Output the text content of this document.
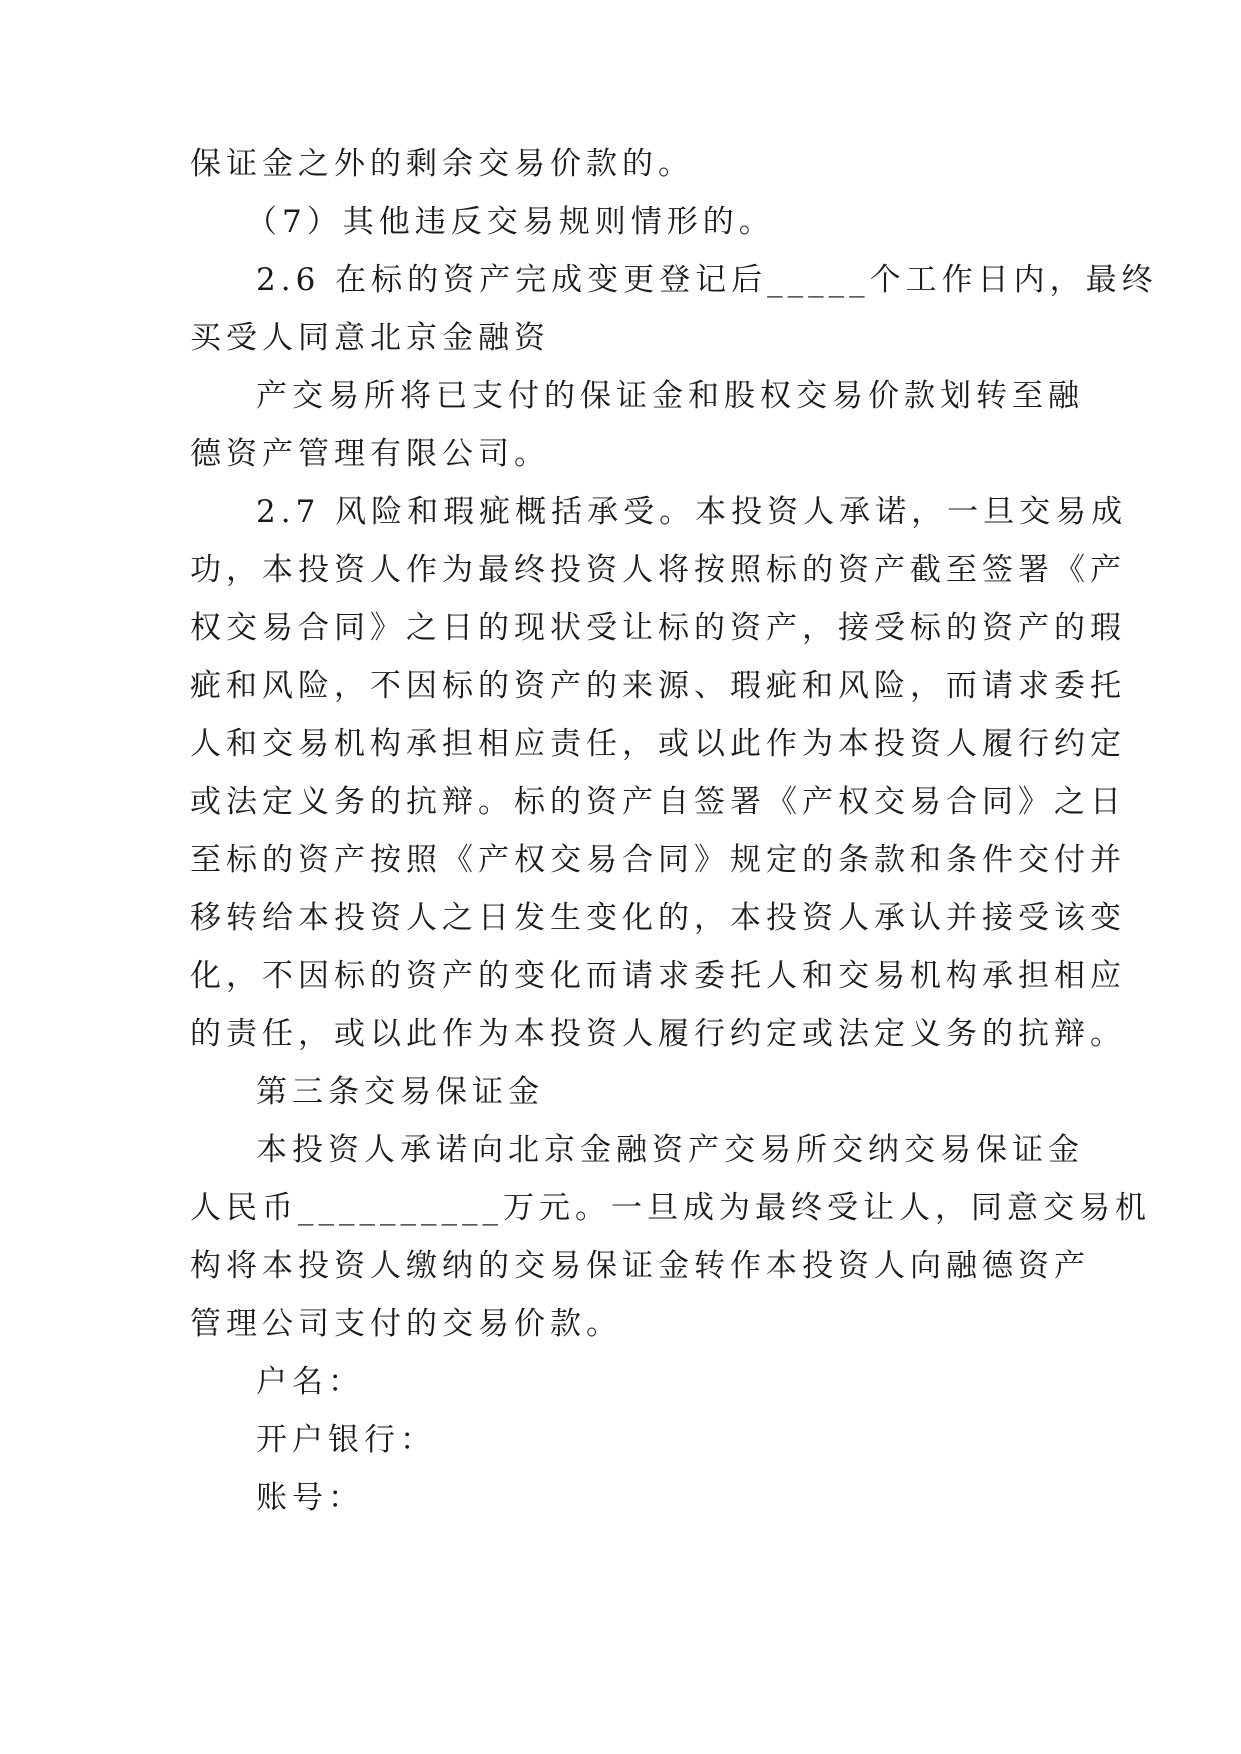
保证金之外的剩余交易价款的。
（7）其他违反交易规则情形的。
2.6 在标的资产完成变更登记后_____个工作日内，最终
买受人同意北京金融资
产交易所将已支付的保证金和股权交易价款划转至融
德资产管理有限公司。
2.7 风险和瑕疵概括承受。本投资人承诺，一旦交易成
功，本投资人作为最终投资人将按照标的资产截至签署《产
权交易合同》之日的现状受让标的资产，接受标的资产的瑕
疵和风险，不因标的资产的来源、瑕疵和风险，而请求委托
人和交易机构承担相应责任，或以此作为本投资人履行约定
或法定义务的抗辩。标的资产自签署《产权交易合同》之日
至标的资产按照《产权交易合同》规定的条款和条件交付并
移转给本投资人之日发生变化的，本投资人承认并接受该变
化，不因标的资产的变化而请求委托人和交易机构承担相应
的责任，或以此作为本投资人履行约定或法定义务的抗辩。
第三条交易保证金
本投资人承诺向北京金融资产交易所交纳交易保证金
人民币__________万元。一旦成为最终受让人，同意交易机
构将本投资人缴纳的交易保证金转作本投资人向融德资产
管理公司支付的交易价款。
户名：
开户银行：
账号：
